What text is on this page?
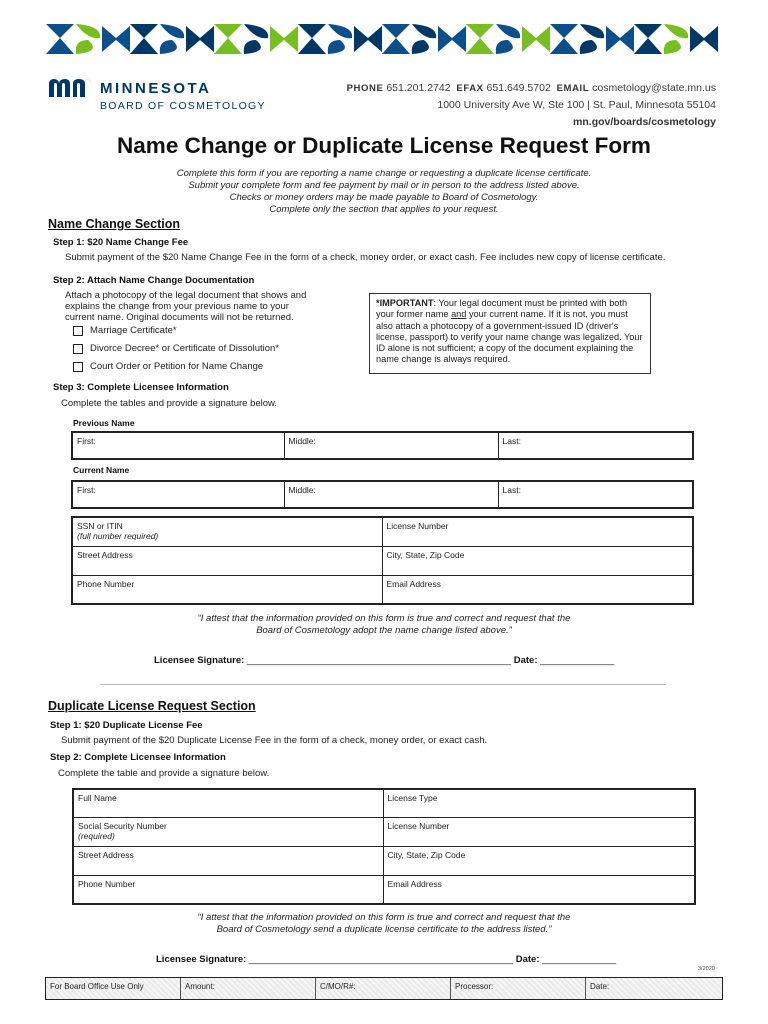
MINNESOTA
BOARD OF COSMETOLOGY
PHONE 651.201.2742 EFAX 651.649.5702 EMAIL cosmetology@state.mn.us
1000 University Ave W, Ste 100 | St. Paul, Minnesota 55104
mn.gov/boards/cosmetology
Name Change or Duplicate License Request Form
Complete this form if you are reporting a name change or requesting a duplicate license certificate.
Submit your complete form and fee payment by mail or in person to the address listed above.
Checks or money orders may be made payable to Board of Cosmetology.
Complete only the section that applies to your request.
Name Change Section
Step 1: $20 Name Change Fee
Submit payment of the $20 Name Change Fee in the form of a check, money order, or exact cash. Fee includes new copy of license certificate.
Step 2: Attach Name Change Documentation
Attach a photocopy of the legal document that shows and
explains the change from your previous name to your
current name. Original documents will not be returned.
Marriage Certificate*
Divorce Decree* or Certificate of Dissolution*
Court Order or Petition for Name Change
*IMPORTANT: Your legal document must be printed with both your former name and your current name. If it is not, you must also attach a photocopy of a government-issued ID (driver's license, passport) to verify your name change was legalized. Your ID alone is not sufficient; a copy of the document explaining the name change is always required.
Step 3: Complete Licensee Information
Complete the tables and provide a signature below.
Previous Name
First:	Middle:	Last:
Current Name
First:	Middle:	Last:
SSN or ITIN
(full number required)	License Number
Street Address	City, State, Zip Code
Phone Number	Email Address
“I attest that the information provided on this form is true and correct and request that the
Board of Cosmetology adopt the name change listed above.”
Licensee Signature: __________________________________________________ Date: ______________
Duplicate License Request Section
Step 1: $20 Duplicate License Fee
Submit payment of the $20 Duplicate License Fee in the form of a check, money order, or exact cash.
Step 2: Complete Licensee Information
Complete the table and provide a signature below.
Full Name	License Type

Social Security Number
(required)	License Number
Street Address	City, State, Zip Code
Phone Number	Email Address
“I attest that the information provided on this form is true and correct and request that the
Board of Cosmetology send a duplicate license certificate to the address listed.”
Licensee Signature: __________________________________________________ Date: ______________
3/2020
For Board Office Use Only	Amount:	C/MO/R#:	Processor:	Date:
